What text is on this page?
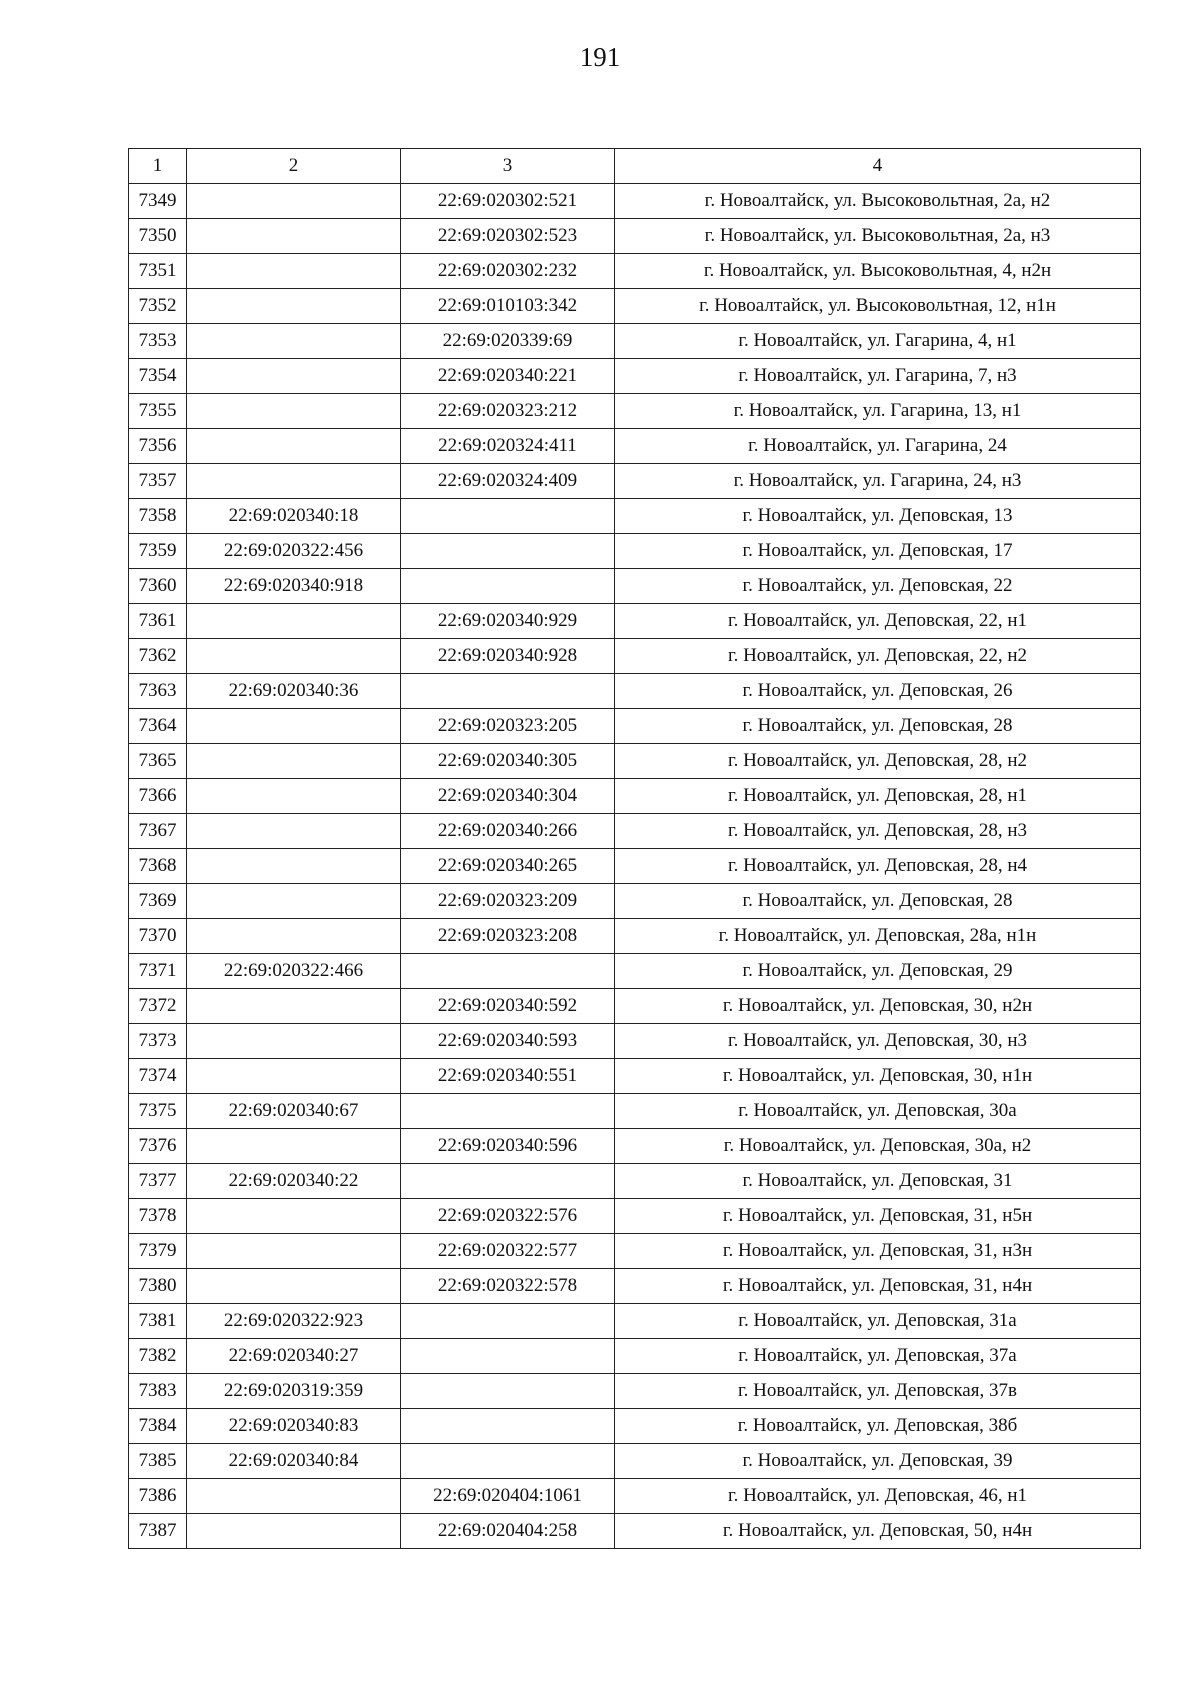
191
1	2	3	4
7349		22:69:020302:521	г. Новоалтайск, ул. Высоковольтная, 2а, н2
7350		22:69:020302:523	г. Новоалтайск, ул. Высоковольтная, 2а, н3
7351		22:69:020302:232	г. Новоалтайск, ул. Высоковольтная, 4, н2н
7352		22:69:010103:342	г. Новоалтайск, ул. Высоковольтная, 12, н1н
7353		22:69:020339:69	г. Новоалтайск, ул. Гагарина, 4, н1
7354		22:69:020340:221	г. Новоалтайск, ул. Гагарина, 7, н3
7355		22:69:020323:212	г. Новоалтайск, ул. Гагарина, 13, н1
7356		22:69:020324:411	г. Новоалтайск, ул. Гагарина, 24
7357		22:69:020324:409	г. Новоалтайск, ул. Гагарина, 24, н3
7358	22:69:020340:18		г. Новоалтайск, ул. Деповская, 13
7359	22:69:020322:456		г. Новоалтайск, ул. Деповская, 17
7360	22:69:020340:918		г. Новоалтайск, ул. Деповская, 22
7361		22:69:020340:929	г. Новоалтайск, ул. Деповская, 22, н1
7362		22:69:020340:928	г. Новоалтайск, ул. Деповская, 22, н2
7363	22:69:020340:36		г. Новоалтайск, ул. Деповская, 26
7364		22:69:020323:205	г. Новоалтайск, ул. Деповская, 28
7365		22:69:020340:305	г. Новоалтайск, ул. Деповская, 28, н2
7366		22:69:020340:304	г. Новоалтайск, ул. Деповская, 28, н1
7367		22:69:020340:266	г. Новоалтайск, ул. Деповская, 28, н3
7368		22:69:020340:265	г. Новоалтайск, ул. Деповская, 28, н4
7369		22:69:020323:209	г. Новоалтайск, ул. Деповская, 28
7370		22:69:020323:208	г. Новоалтайск, ул. Деповская, 28а, н1н
7371	22:69:020322:466		г. Новоалтайск, ул. Деповская, 29
7372		22:69:020340:592	г. Новоалтайск, ул. Деповская, 30, н2н
7373		22:69:020340:593	г. Новоалтайск, ул. Деповская, 30, н3
7374		22:69:020340:551	г. Новоалтайск, ул. Деповская, 30, н1н
7375	22:69:020340:67		г. Новоалтайск, ул. Деповская, 30а
7376		22:69:020340:596	г. Новоалтайск, ул. Деповская, 30а, н2
7377	22:69:020340:22		г. Новоалтайск, ул. Деповская, 31
7378		22:69:020322:576	г. Новоалтайск, ул. Деповская, 31, н5н
7379		22:69:020322:577	г. Новоалтайск, ул. Деповская, 31, н3н
7380		22:69:020322:578	г. Новоалтайск, ул. Деповская, 31, н4н
7381	22:69:020322:923		г. Новоалтайск, ул. Деповская, 31а
7382	22:69:020340:27		г. Новоалтайск, ул. Деповская, 37а
7383	22:69:020319:359		г. Новоалтайск, ул. Деповская, 37в
7384	22:69:020340:83		г. Новоалтайск, ул. Деповская, 38б
7385	22:69:020340:84		г. Новоалтайск, ул. Деповская, 39
7386		22:69:020404:1061	г. Новоалтайск, ул. Деповская, 46, н1
7387		22:69:020404:258	г. Новоалтайск, ул. Деповская, 50, н4н
